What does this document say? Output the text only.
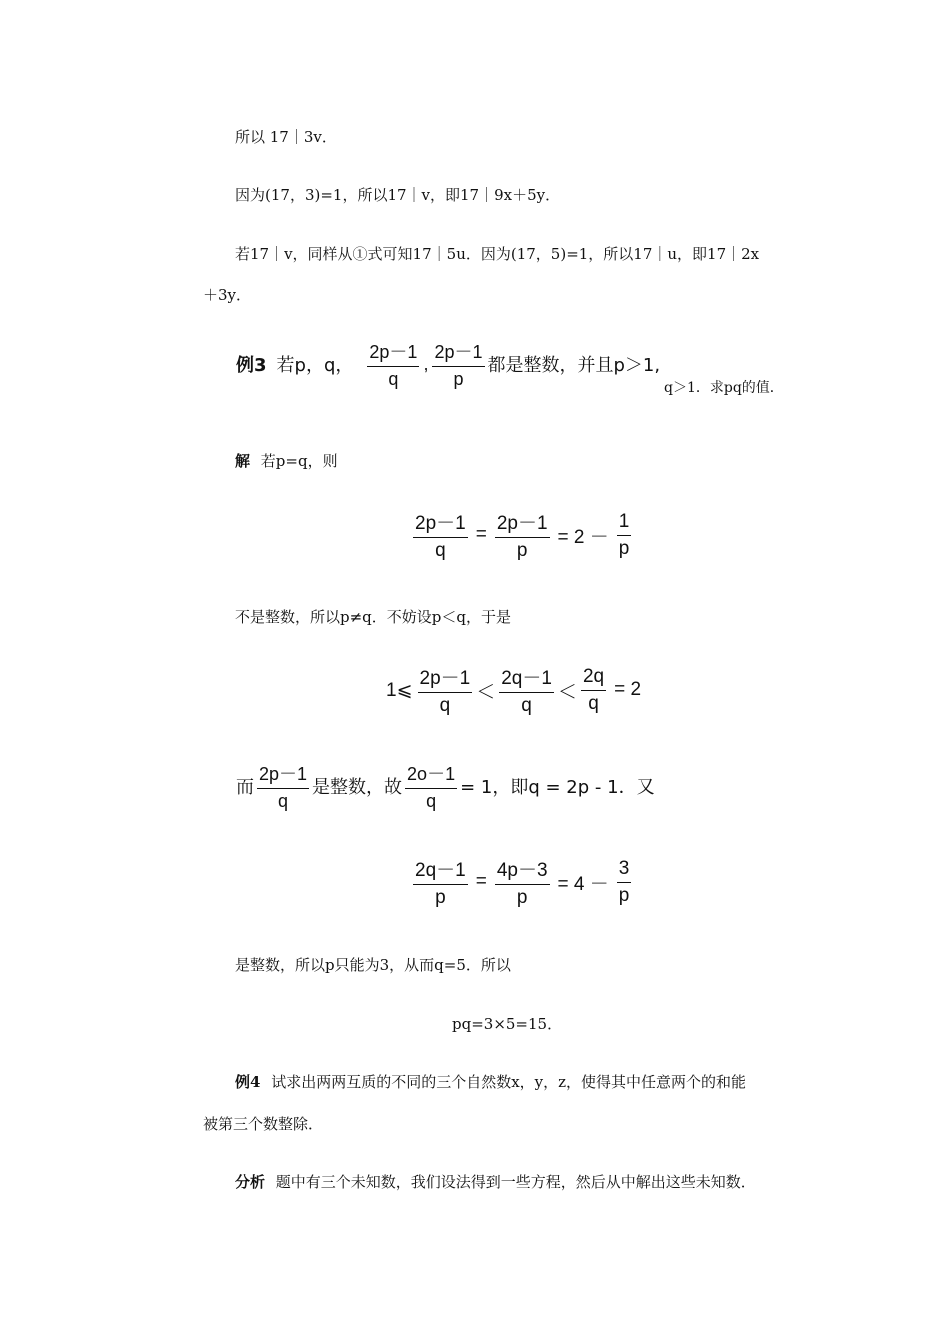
所以 17｜3v．
因为(17，3)=1，所以17｜v，即17｜9x＋5y．
若17｜v，同样从①式可知17｜5u．因为(17，5)=1，所以17｜u，即17｜2x
＋3y．
例3 若p，q， $\frac{2p-1}{q}$ , $\frac{2p-1}{p}$ 都是整数，并且p＞1,
q＞1．求pq的值．
解 若p=q，则
$\frac{2p-1}{q} = \frac{2p-1}{p} = 2 - \frac{1}{p}$
不是整数，所以p≠q．不妨设p＜q，于是
1⩽ $\frac{2p-1}{q} < \frac{2q-1}{q} < \frac{2q}{q} = 2$
而 $\frac{2p-1}{q}$ 是整数，故 $\frac{2o-1}{q} = 1$，即q = 2p - 1．又
$\frac{2q-1}{p} = \frac{4p-3}{p} = 4 - \frac{3}{p}$
是整数，所以p只能为3，从而q=5．所以
pq=3×5=15．
例4 试求出两两互质的不同的三个自然数x，y，z，使得其中任意两个的和能
被第三个数整除．
分析 题中有三个未知数，我们设法得到一些方程，然后从中解出这些未知数．
